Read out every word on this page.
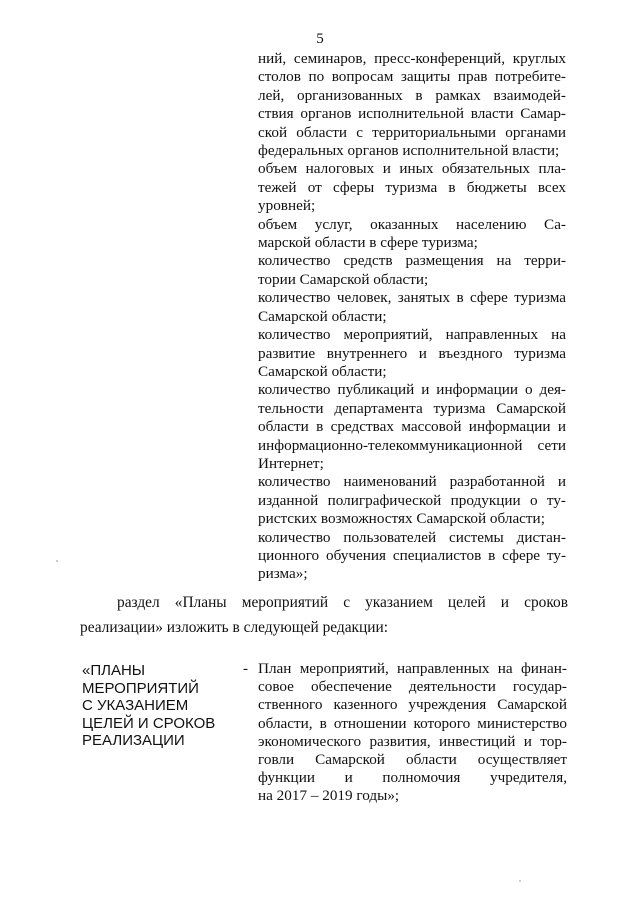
5

ний, семинаров, пресс-конференций, круглых

столов по вопросам защиты прав потребите-

лей, организованных в рамках взаимодей-

ствия органов исполнительной власти Самар-

ской области с территориальными органами

федеральных органов исполнительной власти;

объем налоговых и иных обязательных пла-

тежей от сферы туризма в бюджеты всех

уровней;

объем услуг, оказанных населению Са-

марской области в сфере туризма;

количество средств размещения на терри-

тории Самарской области;

количество человек, занятых в сфере туризма

Самарской области;

количество мероприятий, направленных на

развитие внутреннего и въездного туризма

Самарской области;

количество публикаций и информации о дея-

тельности департамента туризма Самарской

области в средствах массовой информации и

информационно-телекоммуникационной сети

Интернет;

количество наименований разработанной и

изданной полиграфической продукции о ту-

ристских возможностях Самарской области;

количество пользователей системы дистан-

ционного обучения специалистов в сфере ту-

ризма»;

раздел «Планы мероприятий с указанием целей и сроков

реализации» изложить в следующей редакции:

«ПЛАНЫ
МЕРОПРИЯТИЙ
С УКАЗАНИЕМ
ЦЕЛЕЙ И СРОКОВ
РЕАЛИЗАЦИИ
- План мероприятий, направленных на финан-

совое обеспечение деятельности государ-

ственного казенного учреждения Самарской

области, в отношении которого министерство

экономического развития, инвестиций и тор-

говли Самарской области осуществляет

функции и полномочия учредителя,

на 2017 – 2019 годы»;
